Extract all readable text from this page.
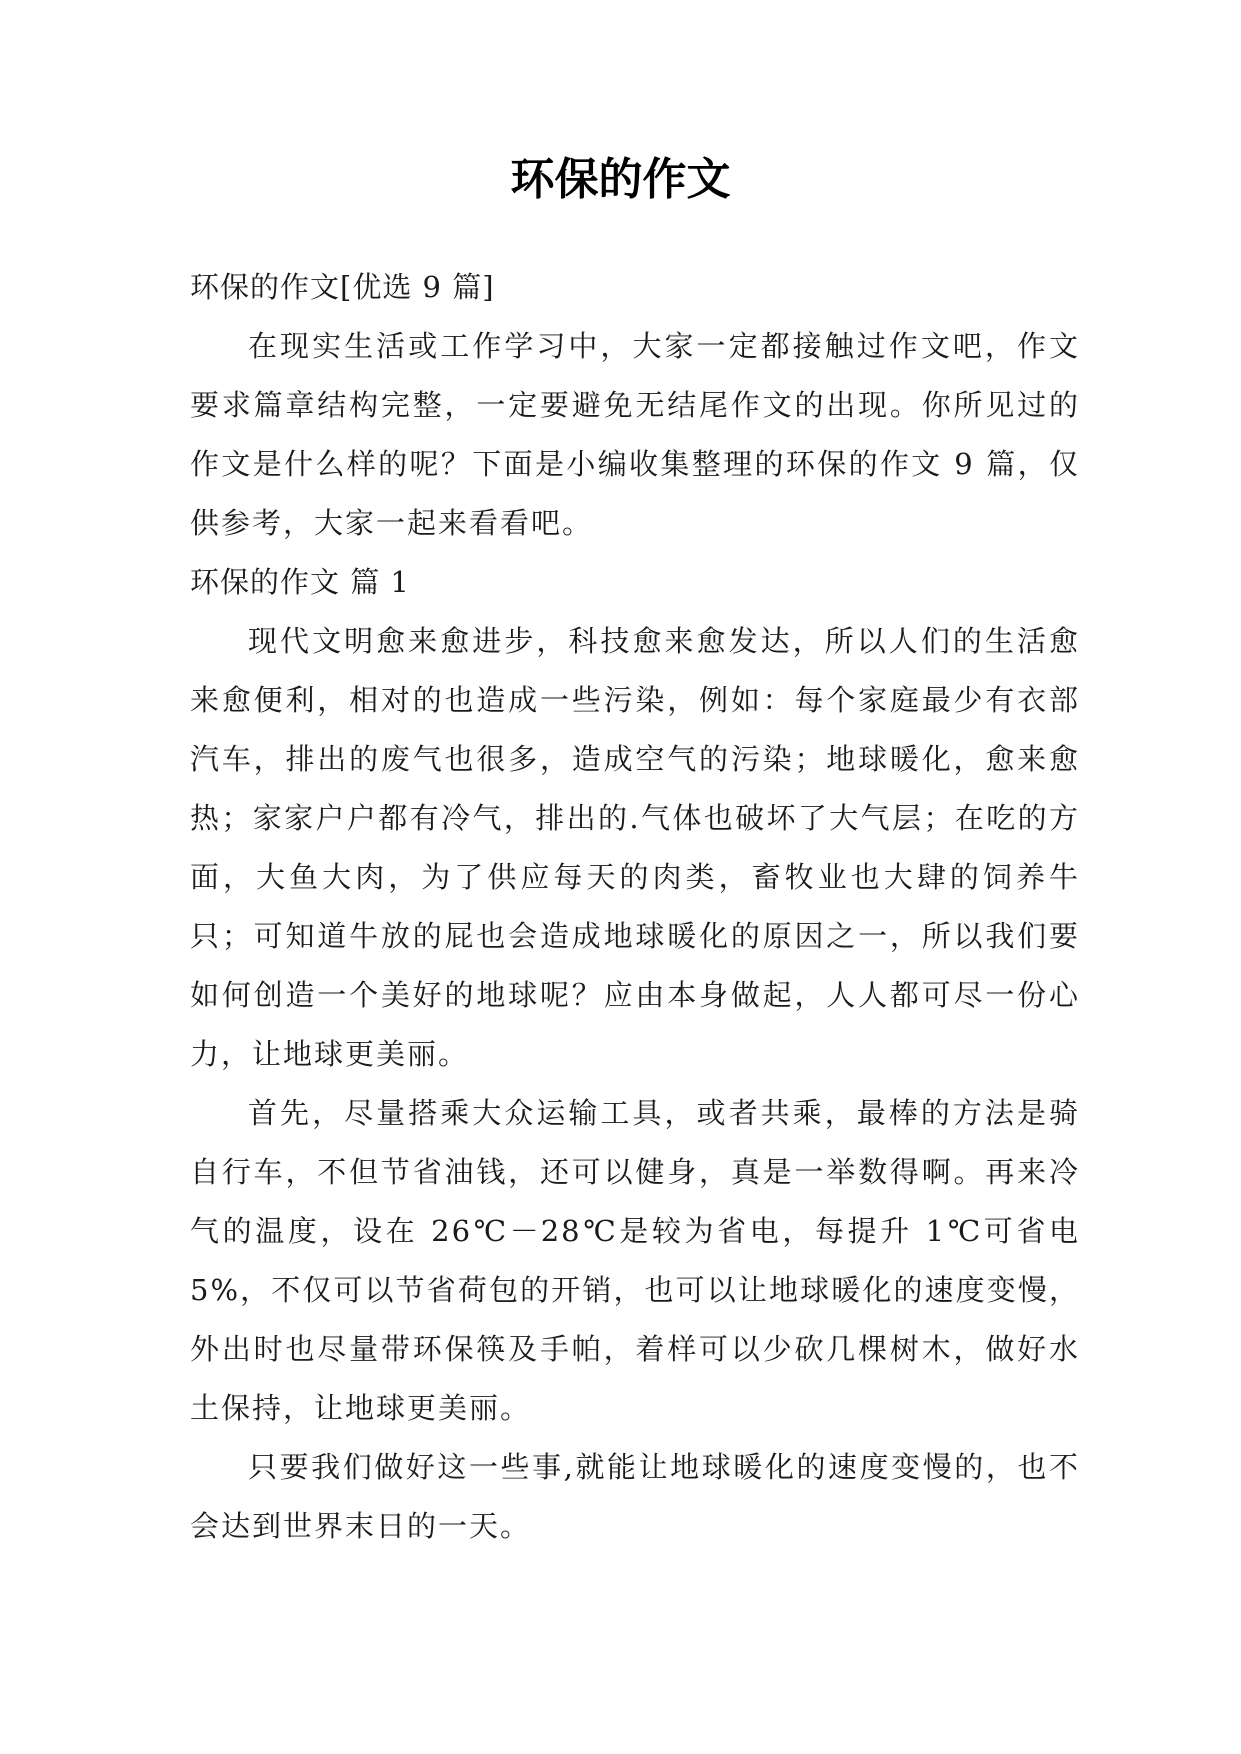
环保的作文

环保的作文[优选 9 篇]

在现实生活或工作学习中，大家一定都接触过作文吧，作文要求篇章结构完整，一定要避免无结尾作文的出现。你所见过的作文是什么样的呢？下面是小编收集整理的环保的作文 9 篇，仅供参考，大家一起来看看吧。

环保的作文 篇 1

现代文明愈来愈进步，科技愈来愈发达，所以人们的生活愈来愈便利，相对的也造成一些污染，例如：每个家庭最少有衣部汽车，排出的废气也很多，造成空气的污染；地球暖化，愈来愈热；家家户户都有冷气，排出的.气体也破坏了大气层；在吃的方面，大鱼大肉，为了供应每天的肉类，畜牧业也大肆的饲养牛只；可知道牛放的屁也会造成地球暖化的原因之一，所以我们要如何创造一个美好的地球呢？应由本身做起，人人都可尽一份心力，让地球更美丽。

首先，尽量搭乘大众运输工具，或者共乘，最棒的方法是骑自行车，不但节省油钱，还可以健身，真是一举数得啊。再来冷气的温度，设在 26℃－28℃是较为省电，每提升 1℃可省电 5%，不仅可以节省荷包的开销，也可以让地球暖化的速度变慢，外出时也尽量带环保筷及手帕，着样可以少砍几棵树木，做好水土保持，让地球更美丽。

只要我们做好这一些事,就能让地球暖化的速度变慢的，也不会达到世界末日的一天。
